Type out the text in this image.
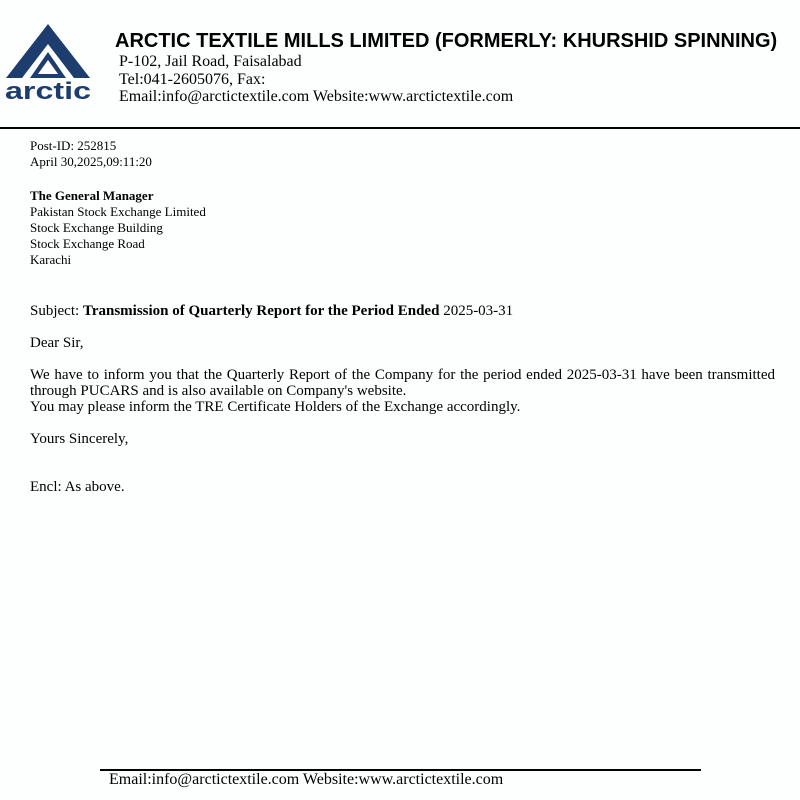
arctic
ARCTIC TEXTILE MILLS LIMITED (FORMERLY: KHURSHID SPINNING)
P-102, Jail Road, Faisalabad
Tel:041-2605076, Fax:
Email:info@arctictextile.com Website:www.arctictextile.com
Post-ID: 252815
April 30,2025,09:11:20
The General Manager
Pakistan Stock Exchange Limited
Stock Exchange Building
Stock Exchange Road
Karachi
Subject: Transmission of Quarterly Report for the Period Ended 2025-03-31
Dear Sir,
We have to inform you that the Quarterly Report of the Company for the period ended 2025-03-31 have been transmitted through PUCARS and is also available on Company's website.
You may please inform the TRE Certificate Holders of the Exchange accordingly.
Yours Sincerely,
Encl: As above.
Email:info@arctictextile.com Website:www.arctictextile.com
